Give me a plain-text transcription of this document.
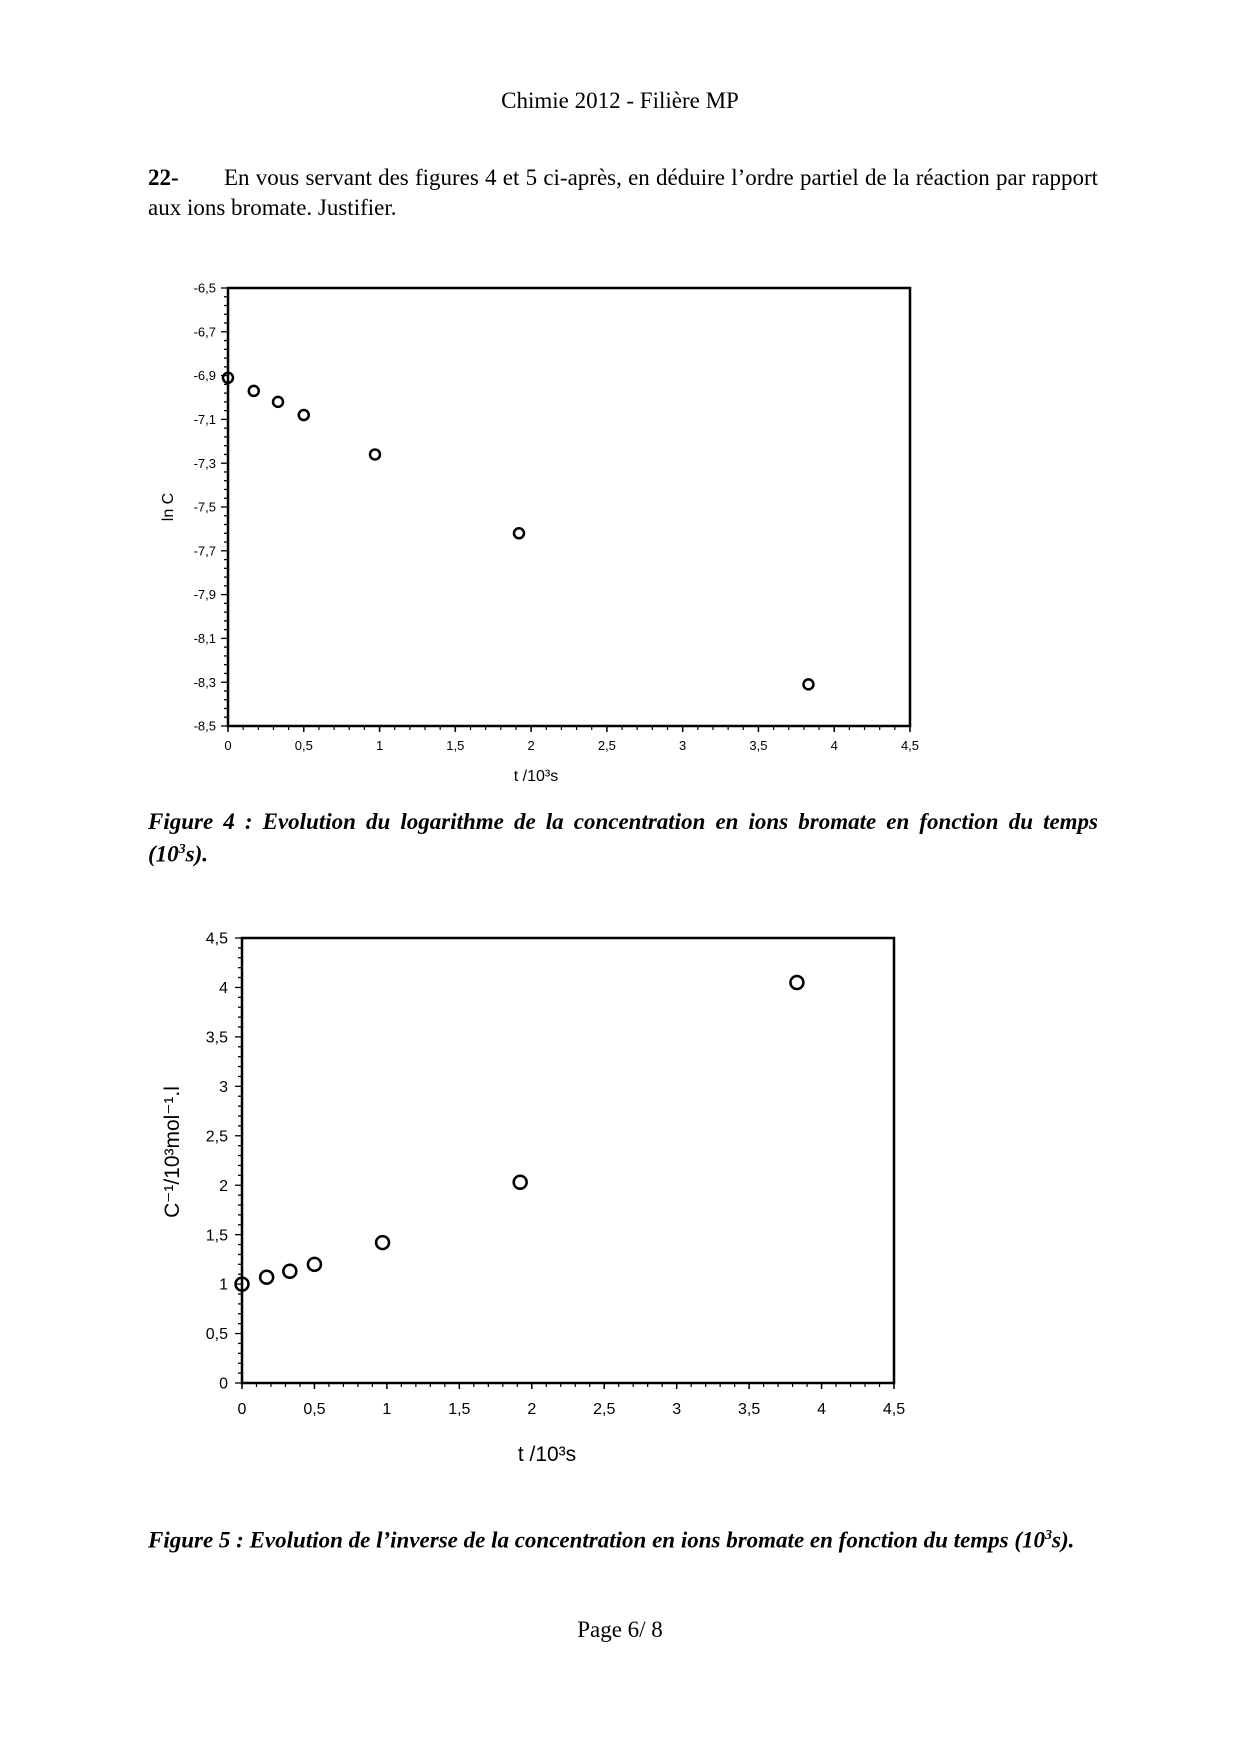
Chimie 2012 - Filière MP
22- En vous servant des figures 4 et 5 ci-après, en déduire l’ordre partiel de la réaction par rapport aux ions bromate. Justifier.
0	0,5	1	1,5	2	2,5	3	3,5	4	4,5
-6,5
-6,7
-6,9
-7,1
-7,3
-7,5
-7,7
-7,9
-8,1
-8,3
-8,5
t /10³s
ln C
Figure 4 : Evolution du logarithme de la concentration en ions bromate en fonction du temps $(10^3s)$.
0	0,5	1	1,5	2	2,5	3	3,5	4	4,5
0
0,5
1
1,5
2
2,5
3
3,5
4
4,5
t /10³s
C⁻¹/10³mol⁻¹.l
Figure 5 : Evolution de l’inverse de la concentration en ions bromate en fonction du temps $(10^3s)$.
Page 6/ 8
